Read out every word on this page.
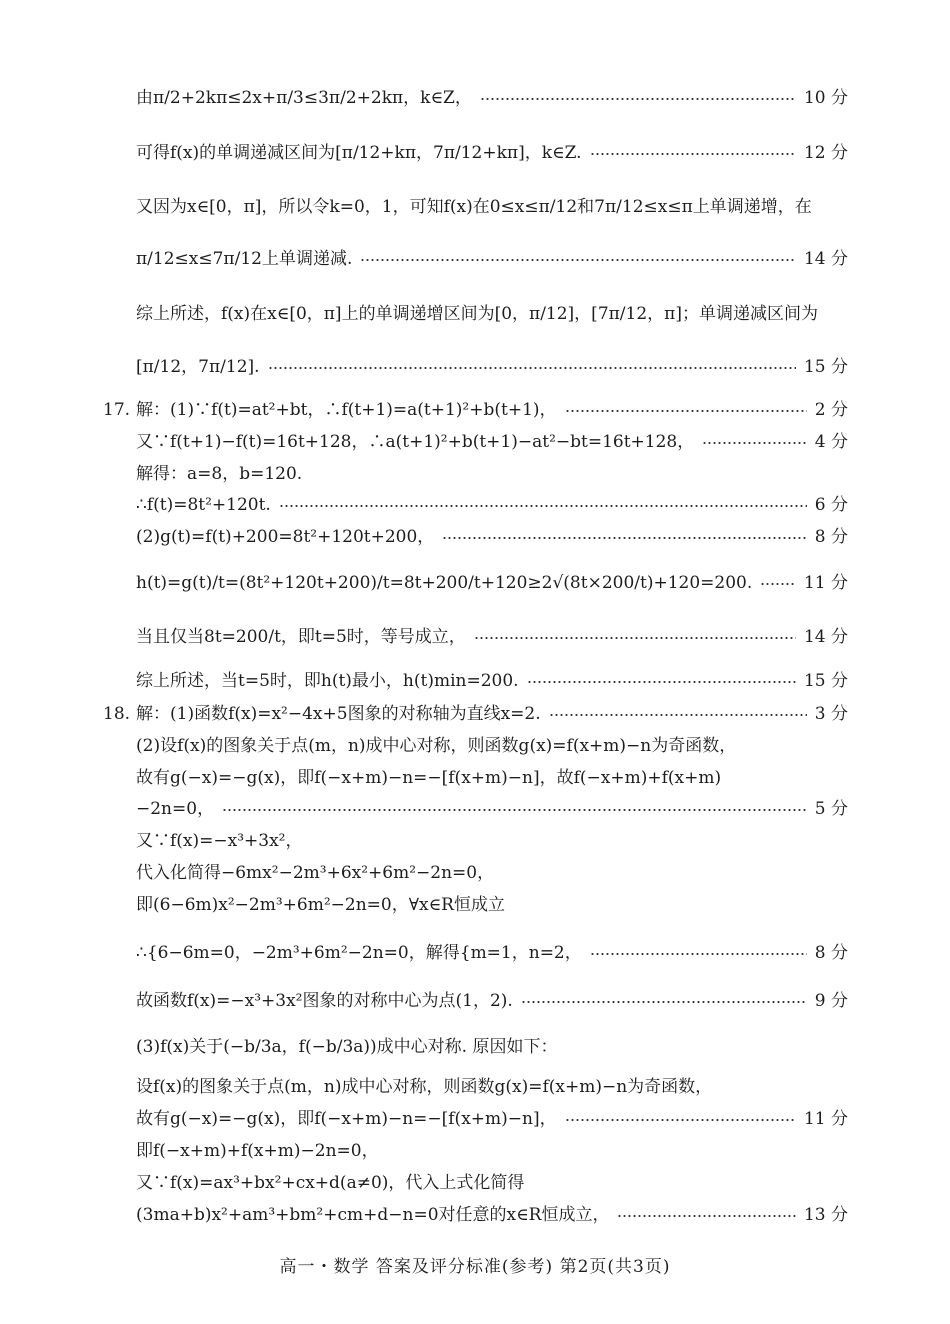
由π/2+2kπ≤2x+π/3≤3π/2+2kπ，k∈Z，	10 分
可得f(x)的单调递减区间为[π/12+kπ，7π/12+kπ]，k∈Z.	12 分
又因为x∈[0，π]，所以令k=0，1，可知f(x)在0≤x≤π/12和7π/12≤x≤π上单调递增，在
π/12≤x≤7π/12上单调递减.	14 分
综上所述，f(x)在x∈[0，π]上的单调递增区间为[0，π/12]，[7π/12，π]；单调递减区间为
[π/12，7π/12].	15 分
17. 解：(1)∵f(t)=at²+bt，∴f(t+1)=a(t+1)²+b(t+1)，	2 分
又∵f(t+1)−f(t)=16t+128，∴a(t+1)²+b(t+1)−at²−bt=16t+128，	4 分
解得：a=8，b=120.
∴f(t)=8t²+120t.	6 分
(2)g(t)=f(t)+200=8t²+120t+200，	8 分
h(t)=g(t)/t=(8t²+120t+200)/t=8t+200/t+120≥2√(8t×200/t)+120=200.	11 分
当且仅当8t=200/t，即t=5时，等号成立，	14 分
综上所述，当t=5时，即h(t)最小，h(t)min=200.	15 分
18. 解：(1)函数f(x)=x²−4x+5图象的对称轴为直线x=2.	3 分
(2)设f(x)的图象关于点(m，n)成中心对称，则函数g(x)=f(x+m)−n为奇函数，
故有g(−x)=−g(x)，即f(−x+m)−n=−[f(x+m)−n]，故f(−x+m)+f(x+m)
−2n=0，	5 分
又∵f(x)=−x³+3x²，
代入化简得−6mx²−2m³+6x²+6m²−2n=0，
即(6−6m)x²−2m³+6m²−2n=0，∀x∈R恒成立
∴{6−6m=0，−2m³+6m²−2n=0，解得{m=1，n=2，	8 分
故函数f(x)=−x³+3x²图象的对称中心为点(1，2).	9 分
(3)f(x)关于(−b/3a，f(−b/3a))成中心对称. 原因如下：
设f(x)的图象关于点(m，n)成中心对称，则函数g(x)=f(x+m)−n为奇函数，
故有g(−x)=−g(x)，即f(−x+m)−n=−[f(x+m)−n]，	11 分
即f(−x+m)+f(x+m)−2n=0，
又∵f(x)=ax³+bx²+cx+d(a≠0)，代入上式化简得
(3ma+b)x²+am³+bm²+cm+d−n=0对任意的x∈R恒成立，	13 分
高一・数学 答案及评分标准(参考) 第2页(共3页)
